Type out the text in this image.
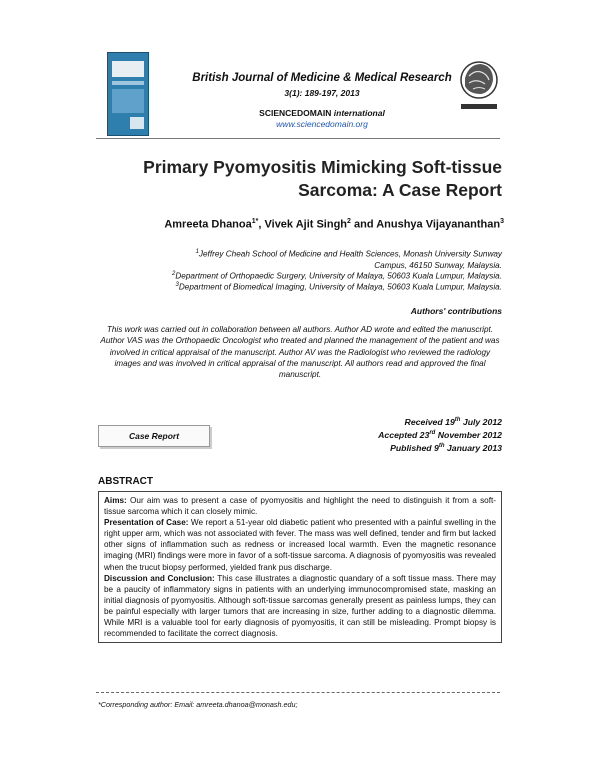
British Journal of Medicine & Medical Research
3(1): 189-197, 2013
SCIENCEDOMAIN international
www.sciencedomain.org
Primary Pyomyositis Mimicking Soft-tissue
Sarcoma: A Case Report
Amreeta Dhanoa$^{1*}$, Vivek Ajit Singh$^2$ and Anushya Vijayananthan$^3$
$^1$Jeffrey Cheah School of Medicine and Health Sciences, Monash University Sunway
Campus, 46150 Sunway, Malaysia.
$^2$Department of Orthopaedic Surgery, University of Malaya, 50603 Kuala Lumpur, Malaysia.
$^3$Department of Biomedical Imaging, University of Malaya, 50603 Kuala Lumpur, Malaysia.
Authors' contributions
This work was carried out in collaboration between all authors. Author AD wrote and edited the manuscript. Author VAS was the Orthopaedic Oncologist who treated and planned the management of the patient and was involved in critical appraisal of the manuscript. Author AV was the Radiologist who reviewed the radiology images and was involved in critical appraisal of the manuscript. All authors read and approved the final manuscript.
Received 19th July 2012
Accepted 23rd November 2012
Published 9th January 2013
Case Report
ABSTRACT
Aims: Our aim was to present a case of pyomyositis and highlight the need to distinguish it from a soft-tissue sarcoma which it can closely mimic.
Presentation of Case: We report a 51-year old diabetic patient who presented with a painful swelling in the right upper arm, which was not associated with fever. The mass was well defined, tender and firm but lacked other signs of inflammation such as redness or increased local warmth. Even the magnetic resonance imaging (MRI) findings were more in favor of a soft-tissue sarcoma. A diagnosis of pyomyositis was revealed when the trucut biopsy performed, yielded frank pus discharge.
Discussion and Conclusion: This case illustrates a diagnostic quandary of a soft tissue mass. There may be a paucity of inflammatory signs in patients with an underlying immunocompromised state, masking an initial diagnosis of pyomyositis. Although soft-tissue sarcomas generally present as painless lumps, they can be painful especially with larger tumors that are increasing in size, further adding to a diagnostic dilemma. While MRI is a valuable tool for early diagnosis of pyomyositis, it can still be misleading. Prompt biopsy is recommended to facilitate the correct diagnosis.
*Corresponding author: Email: amreeta.dhanoa@monash.edu;
